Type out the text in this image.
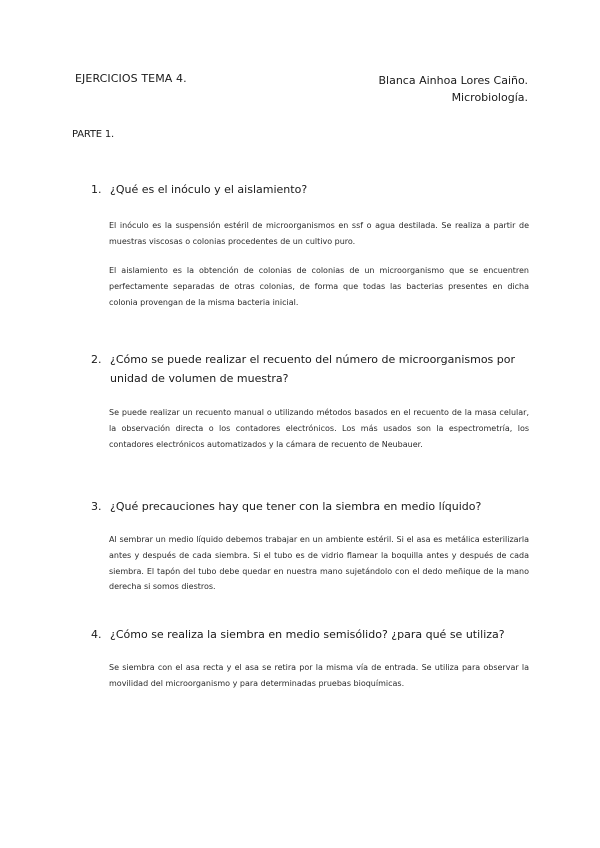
EJERCICIOS TEMA 4.	Blanca Ainhoa Lores Caiño.
Microbiología.
PARTE 1.
1. ¿Qué es el inóculo y el aislamiento?
El inóculo es la suspensión estéril de microorganismos en ssf o agua destilada. Se realiza a partir de muestras viscosas o colonias procedentes de un cultivo puro.
El aislamiento es la obtención de colonias de colonias de un microorganismo que se encuentren perfectamente separadas de otras colonias, de forma que todas las bacterias presentes en dicha colonia provengan de la misma bacteria inicial.
2. ¿Cómo se puede realizar el recuento del número de microorganismos por unidad de volumen de muestra?
Se puede realizar un recuento manual o utilizando métodos basados en el recuento de la masa celular, la observación directa o los contadores electrónicos. Los más usados son la espectrometría, los contadores electrónicos automatizados y la cámara de recuento de Neubauer.
3. ¿Qué precauciones hay que tener con la siembra en medio líquido?
Al sembrar un medio líquido debemos trabajar en un ambiente estéril. Si el asa es metálica esterilizarla antes y después de cada siembra. Si el tubo es de vidrio flamear la boquilla antes y después de cada siembra. El tapón del tubo debe quedar en nuestra mano sujetándolo con el dedo meñique de la mano derecha si somos diestros.
4. ¿Cómo se realiza la siembra en medio semisólido? ¿para qué se utiliza?
Se siembra con el asa recta y el asa se retira por la misma vía de entrada. Se utiliza para observar la movilidad del microorganismo y para determinadas pruebas bioquímicas.
